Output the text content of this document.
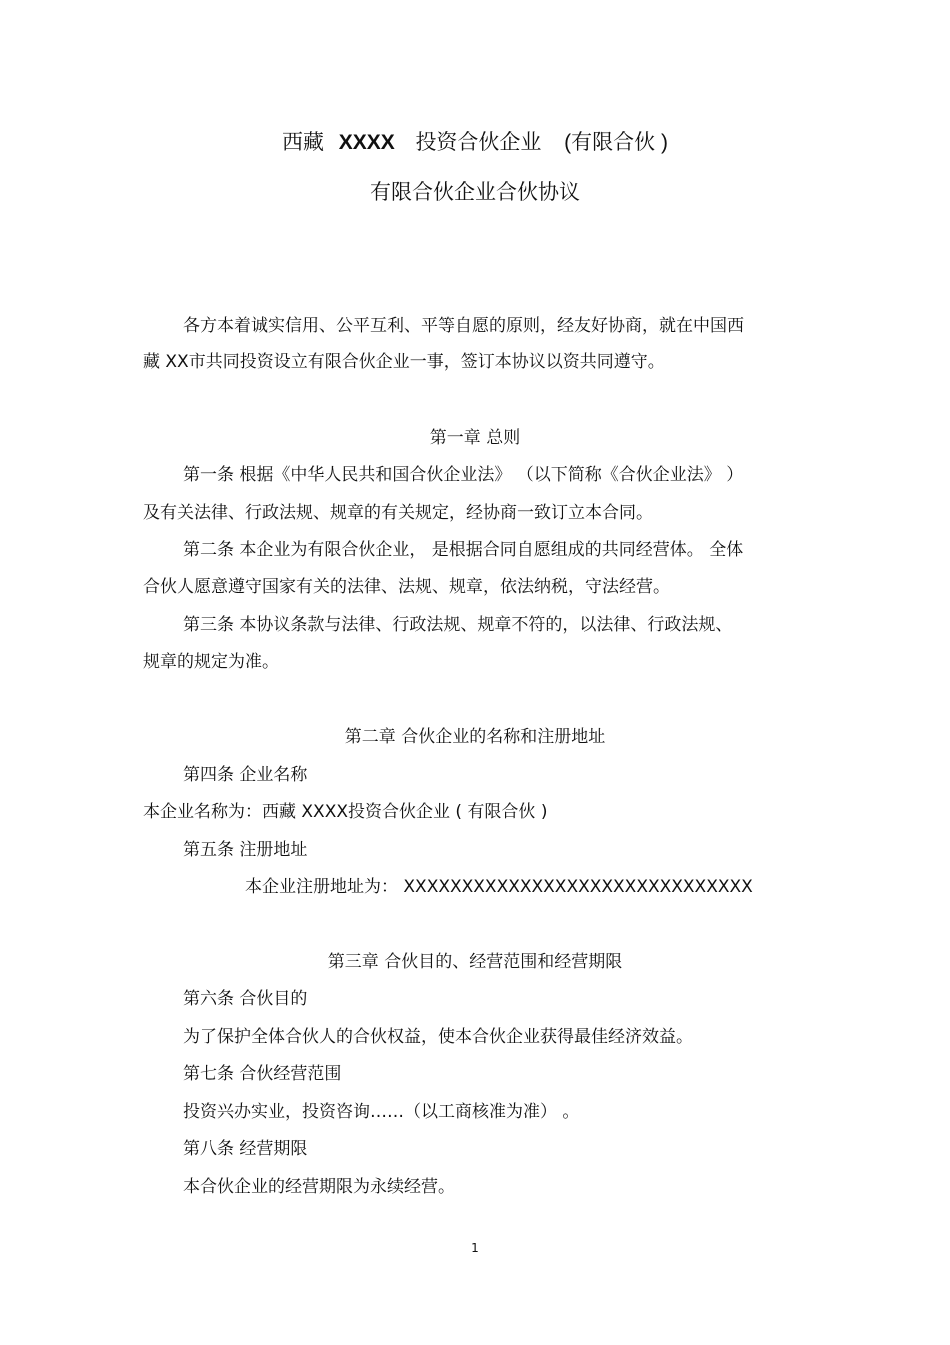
西藏 XXXX 投资合伙企业 (有限合伙 )
有限合伙企业合伙协议
各方本着诚实信用、公平互利、平等自愿的原则，经友好协商，就在中国西
藏 XX市共同投资设立有限合伙企业一事，签订本协议以资共同遵守。
第一章 总则
第一条 根据《中华人民共和国合伙企业法》 （以下简称《合伙企业法》 ）
及有关法律、行政法规、规章的有关规定，经协商一致订立本合同。
第二条 本企业为有限合伙企业， 是根据合同自愿组成的共同经营体。 全体
合伙人愿意遵守国家有关的法律、法规、规章，依法纳税，守法经营。
第三条 本协议条款与法律、行政法规、规章不符的，以法律、行政法规、
规章的规定为准。
第二章 合伙企业的名称和注册地址
第四条 企业名称
本企业名称为：西藏 XXXX投资合伙企业 ( 有限合伙 )
第五条 注册地址
本企业注册地址为： XXXXXXXXXXXXXXXXXXXXXXXXXXXXXX
第三章 合伙目的、经营范围和经营期限
第六条 合伙目的
为了保护全体合伙人的合伙权益，使本合伙企业获得最佳经济效益。
第七条 合伙经营范围
投资兴办实业，投资咨询……（以工商核准为准） 。
第八条 经营期限
本合伙企业的经营期限为永续经营。
1
